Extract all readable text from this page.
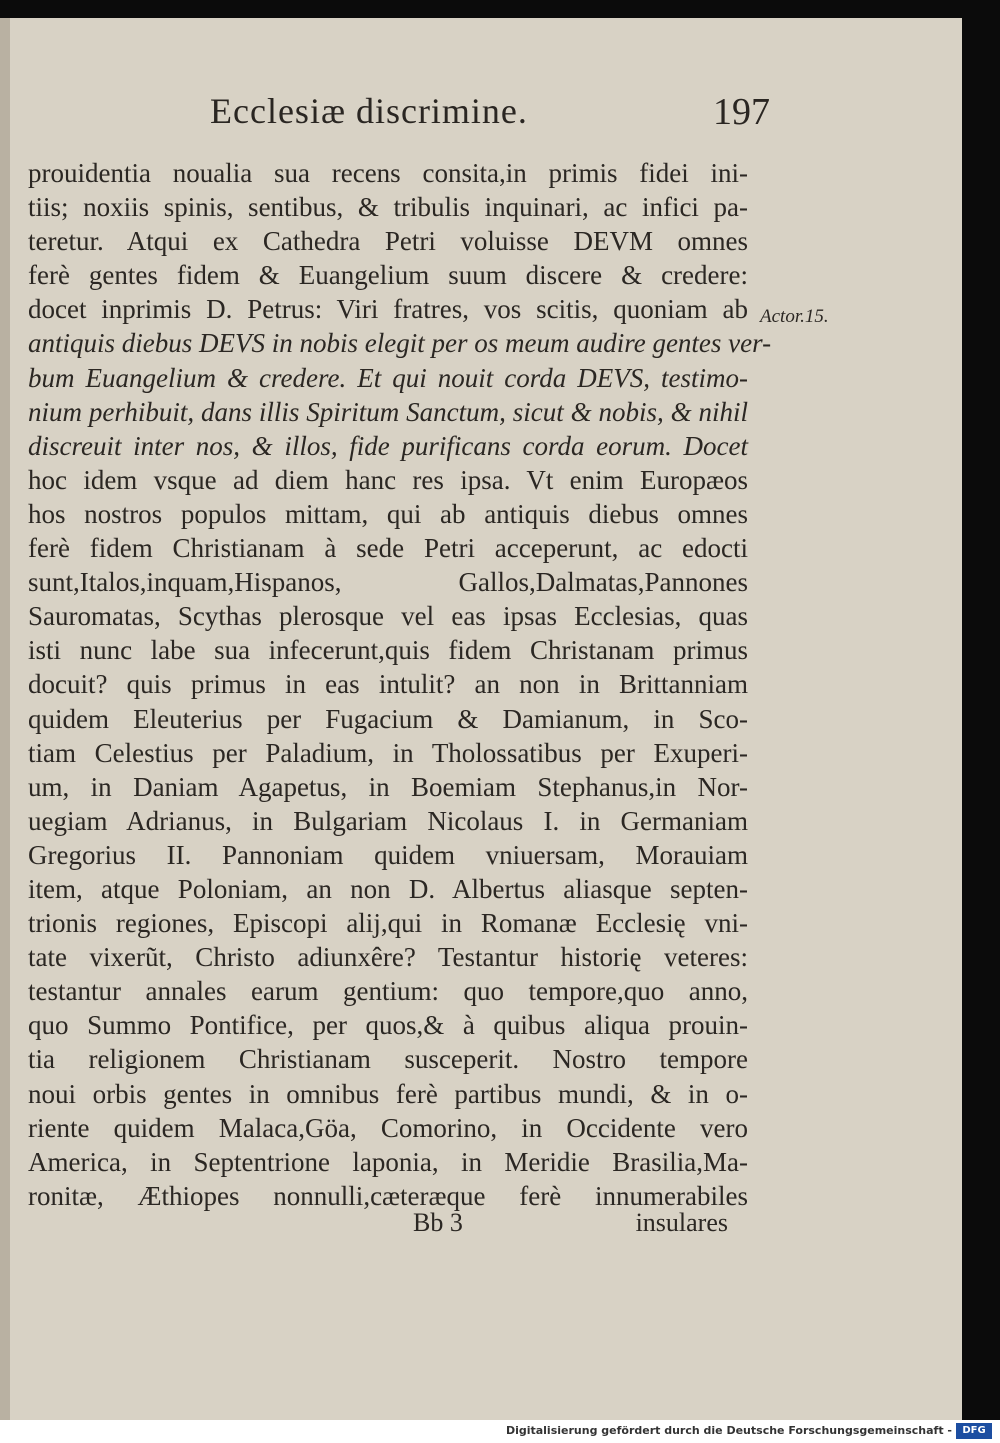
Ecclesiæ discrimine.	197
prouidentia noualia sua recens consita,in primis fidei ini-
tiis; noxiis spinis, sentibus, & tribulis inquinari, ac infici pa-
teretur. Atqui ex Cathedra Petri voluisse DEVM omnes
ferè gentes fidem & Euangelium suum discere & credere:
docet inprimis D. Petrus: Viri fratres, vos scitis, quoniam ab
antiquis diebus DEVS in nobis elegit per os meum audire gentes ver-
bum Euangelium & credere. Et qui nouit corda DEVS, testimo-
nium perhibuit, dans illis Spiritum Sanctum, sicut & nobis, & nihil
discreuit inter nos, & illos, fide purificans corda eorum. Docet
hoc idem vsque ad diem hanc res ipsa. Vt enim Europæos
hos nostros populos mittam, qui ab antiquis diebus omnes
ferè fidem Christianam à sede Petri acceperunt, ac edocti
sunt,Italos,inquam,Hispanos, Gallos,Dalmatas,Pannones
Sauromatas, Scythas plerosque vel eas ipsas Ecclesias, quas
isti nunc labe sua infecerunt,quis fidem Christanam primus
docuit? quis primus in eas intulit? an non in Brittanniam
quidem Eleuterius per Fugacium & Damianum, in Sco-
tiam Celestius per Paladium, in Tholossatibus per Exuperi-
um, in Daniam Agapetus, in Boemiam Stephanus,in Nor-
uegiam Adrianus, in Bulgariam Nicolaus I. in Germaniam
Gregorius II. Pannoniam quidem vniuersam, Morauiam
item, atque Poloniam, an non D. Albertus aliasque septen-
trionis regiones, Episcopi alij,qui in Romanæ Ecclesię vni-
tate vixerũt, Christo adiunxêre? Testantur historię veteres:
testantur annales earum gentium: quo tempore,quo anno,
quo Summo Pontifice, per quos,& à quibus aliqua prouin-
tia religionem Christianam susceperit. Nostro tempore
noui orbis gentes in omnibus ferè partibus mundi, & in o-
riente quidem Malaca,Göa, Comorino, in Occidente vero
America, in Septentrione laponia, in Meridie Brasilia,Ma-
ronitæ, Æthiopes nonnulli,cæteræque ferè innumerabiles
Actor.15.
Bb 3	insulares
Digitalisierung gefördert durch die Deutsche Forschungsgemeinschaft -	DFG
